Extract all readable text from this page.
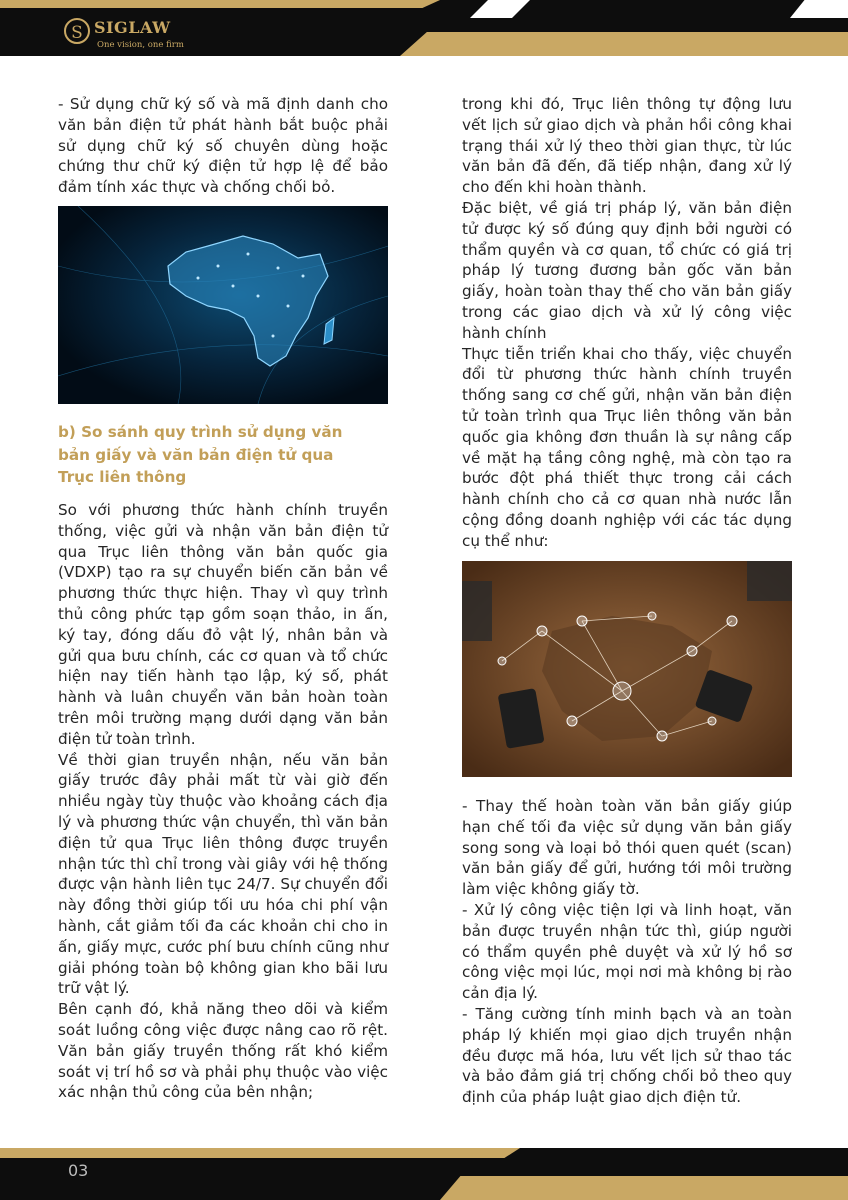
S SIGLAW
One vision, one firm

- Sử dụng chữ ký số và mã định danh cho văn bản điện tử phát hành bắt buộc phải sử dụng chữ ký số chuyên dùng hoặc chứng thư chữ ký điện tử hợp lệ để bảo đảm tính xác thực và chống chối bỏ.

b) So sánh quy trình sử dụng văn bản giấy và văn bản điện tử qua Trục liên thông

So với phương thức hành chính truyền thống, việc gửi và nhận văn bản điện tử qua Trục liên thông văn bản quốc gia (VDXP) tạo ra sự chuyển biến căn bản về phương thức thực hiện. Thay vì quy trình thủ công phức tạp gồm soạn thảo, in ấn, ký tay, đóng dấu đỏ vật lý, nhân bản và gửi qua bưu chính, các cơ quan và tổ chức hiện nay tiến hành tạo lập, ký số, phát hành và luân chuyển văn bản hoàn toàn trên môi trường mạng dưới dạng văn bản điện tử toàn trình.

Về thời gian truyền nhận, nếu văn bản giấy trước đây phải mất từ vài giờ đến nhiều ngày tùy thuộc vào khoảng cách địa lý và phương thức vận chuyển, thì văn bản điện tử qua Trục liên thông được truyền nhận tức thì chỉ trong vài giây với hệ thống được vận hành liên tục 24/7. Sự chuyển đổi này đồng thời giúp tối ưu hóa chi phí vận hành, cắt giảm tối đa các khoản chi cho in ấn, giấy mực, cước phí bưu chính cũng như giải phóng toàn bộ không gian kho bãi lưu trữ vật lý.

Bên cạnh đó, khả năng theo dõi và kiểm soát luồng công việc được nâng cao rõ rệt. Văn bản giấy truyền thống rất khó kiểm soát vị trí hồ sơ và phải phụ thuộc vào việc xác nhận thủ công của bên nhận;

trong khi đó, Trục liên thông tự động lưu vết lịch sử giao dịch và phản hồi công khai trạng thái xử lý theo thời gian thực, từ lúc văn bản đã đến, đã tiếp nhận, đang xử lý cho đến khi hoàn thành.

Đặc biệt, về giá trị pháp lý, văn bản điện tử được ký số đúng quy định bởi người có thẩm quyền và cơ quan, tổ chức có giá trị pháp lý tương đương bản gốc văn bản giấy, hoàn toàn thay thế cho văn bản giấy trong các giao dịch và xử lý công việc hành chính

Thực tiễn triển khai cho thấy, việc chuyển đổi từ phương thức hành chính truyền thống sang cơ chế gửi, nhận văn bản điện tử toàn trình qua Trục liên thông văn bản quốc gia không đơn thuần là sự nâng cấp về mặt hạ tầng công nghệ, mà còn tạo ra bước đột phá thiết thực trong cải cách hành chính cho cả cơ quan nhà nước lẫn cộng đồng doanh nghiệp với các tác dụng cụ thể như:

- Thay thế hoàn toàn văn bản giấy giúp hạn chế tối đa việc sử dụng văn bản giấy song song và loại bỏ thói quen quét (scan) văn bản giấy để gửi, hướng tới môi trường làm việc không giấy tờ.

- Xử lý công việc tiện lợi và linh hoạt, văn bản được truyền nhận tức thì, giúp người có thẩm quyền phê duyệt và xử lý hồ sơ công việc mọi lúc, mọi nơi mà không bị rào cản địa lý.

- Tăng cường tính minh bạch và an toàn pháp lý khiến mọi giao dịch truyền nhận đều được mã hóa, lưu vết lịch sử thao tác và bảo đảm giá trị chống chối bỏ theo quy định của pháp luật giao dịch điện tử.

03
